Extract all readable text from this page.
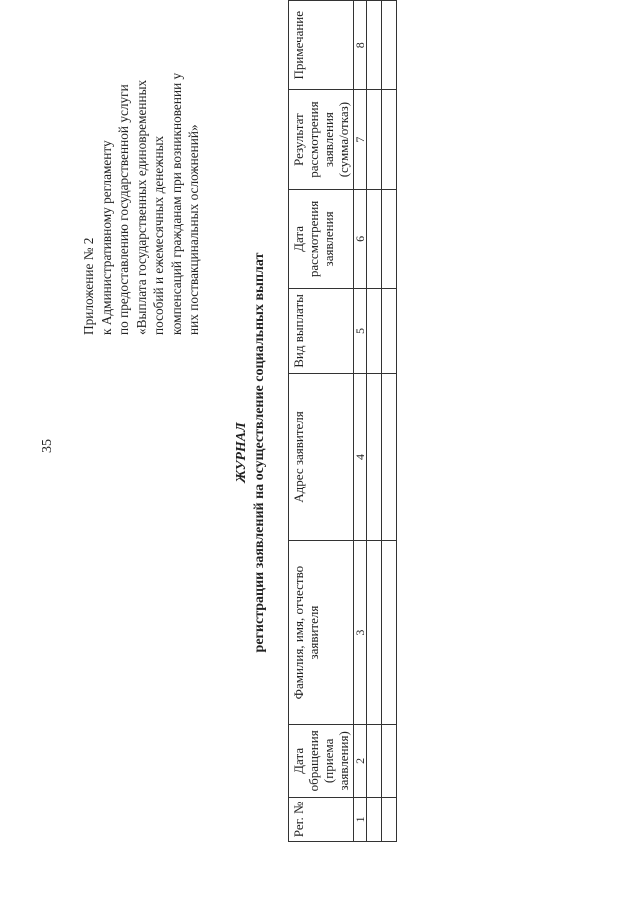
35
Приложение № 2 к Административному регламенту по предоставлению государственной услуги «Выплата государственных единовременных пособий и ежемесячных денежных компенсаций гражданам при возникновении у них поствакцинальных осложнений»
ЖУРНАЛ регистрации заявлений на осуществление социальных выплат
Рег. №	Дата обращения (приема заявления)	Фамилия, имя, отчество заявителя	Адрес заявителя	Вид выплаты	Дата рассмотрения заявления	Результат рассмотрения заявления (сумма/отказ)	Примечание
1	2	3	4	5	6	7	8
